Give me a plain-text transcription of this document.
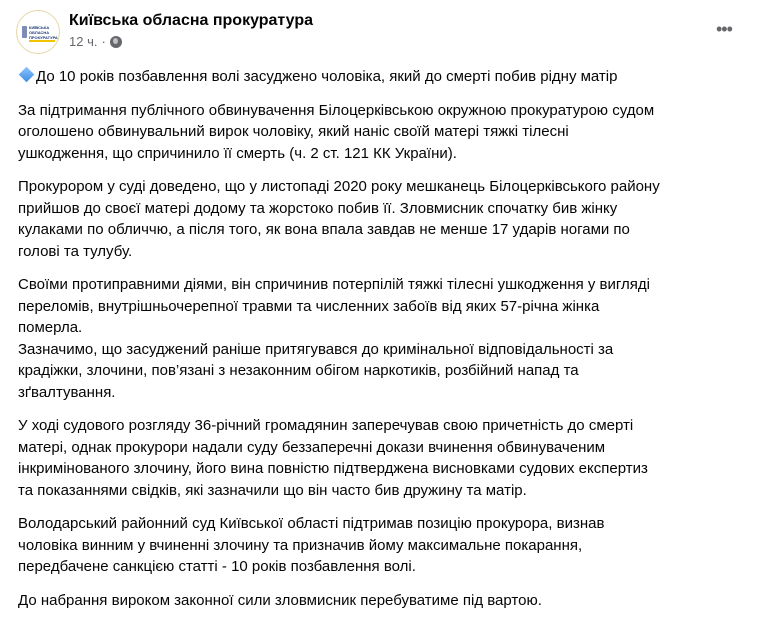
КИЇВСЬКА
ОБЛАСНА
ПРОКУРАТУРА
Київська обласна прокуратура
12 ч. ·
•••

До 10 років позбавлення волі засуджено чоловіка, який до смерті побив рідну матір

За підтримання публічного обвинувачення Білоцерківською окружною прокуратурою судом
оголошено обвинувальний вирок чоловіку, який наніс своїй матері тяжкі тілесні
ушкодження, що спричинило її смерть (ч. 2 ст. 121 КК України).

Прокурором у суді доведено, що у листопаді 2020 року мешканець Білоцерківського району
прийшов до своєї матері додому та жорстоко побив її. Зловмисник спочатку бив жінку
кулаками по обличчю, а після того, як вона впала завдав не менше 17 ударів ногами по
голові та тулубу.

Своїми протиправними діями, він спричинив потерпілій тяжкі тілесні ушкодження у вигляді
переломів, внутрішньочерепної травми та численних забоїв від яких 57-річна жінка
померла.
Зазначимо, що засуджений раніше притягувався до кримінальної відповідальності за
крадіжки, злочини, пов’язані з незаконним обігом наркотиків, розбійний напад та
зґвалтування.

У ході судового розгляду 36-річний громадянин заперечував свою причетність до смерті
матері, однак прокурори надали суду беззаперечні докази вчинення обвинуваченим
інкримінованого злочину, його вина повністю підтверджена висновками судових експертиз
та показаннями свідків, які зазначили що він часто бив дружину та матір.

Володарський районний суд Київської області підтримав позицію прокурора, визнав
чоловіка винним у вчиненні злочину та призначив йому максимальне покарання,
передбачене санкцією статті - 10 років позбавлення волі.

До набрання вироком законної сили зловмисник перебуватиме під вартою.
